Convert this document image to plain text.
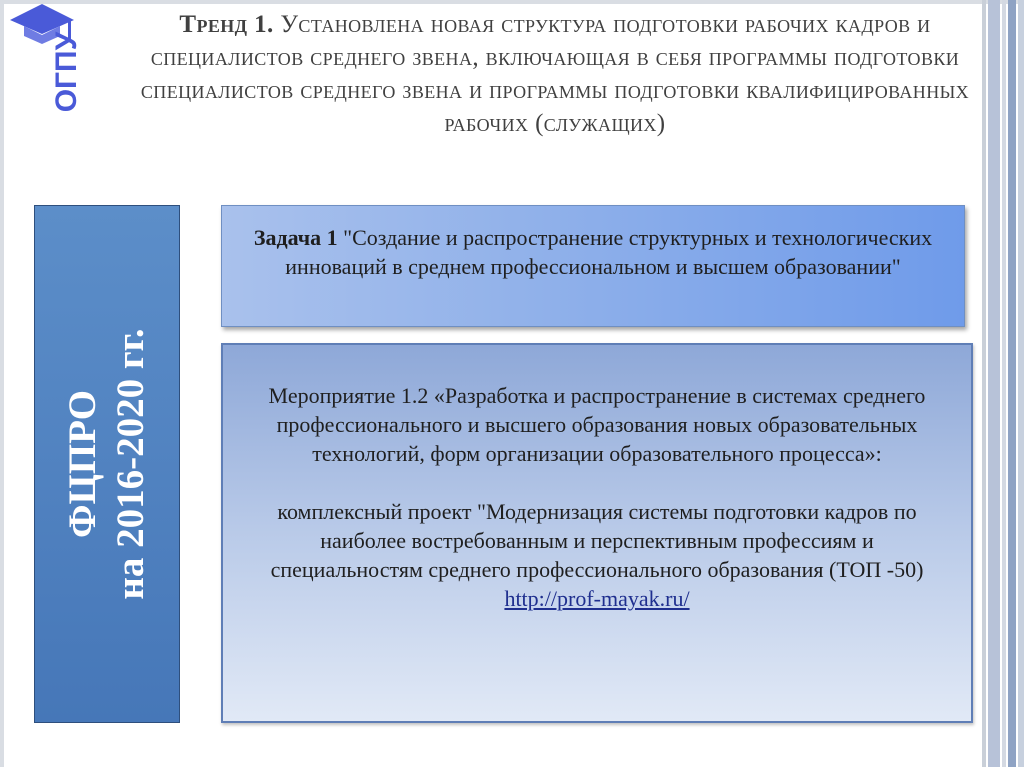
ОГПУ
Тренд 1. Установлена новая структура подготовки рабочих кадров и специалистов среднего звена, включающая в себя программы подготовки специалистов среднего звена и программы подготовки квалифицированных рабочих (служащих)
ФЦПРО на 2016-2020 гг.
Задача 1 "Создание и распространение структурных и технологических инноваций в среднем профессиональном и высшем образовании"

Мероприятие 1.2 «Разработка и распространение в системах среднего профессионального и высшего образования новых образовательных технологий, форм организации образовательного процесса»:

комплексный проект "Модернизация системы подготовки кадров по наиболее востребованным и перспективным профессиям и специальностям среднего профессионального образования (ТОП -50)

http://prof-mayak.ru/
